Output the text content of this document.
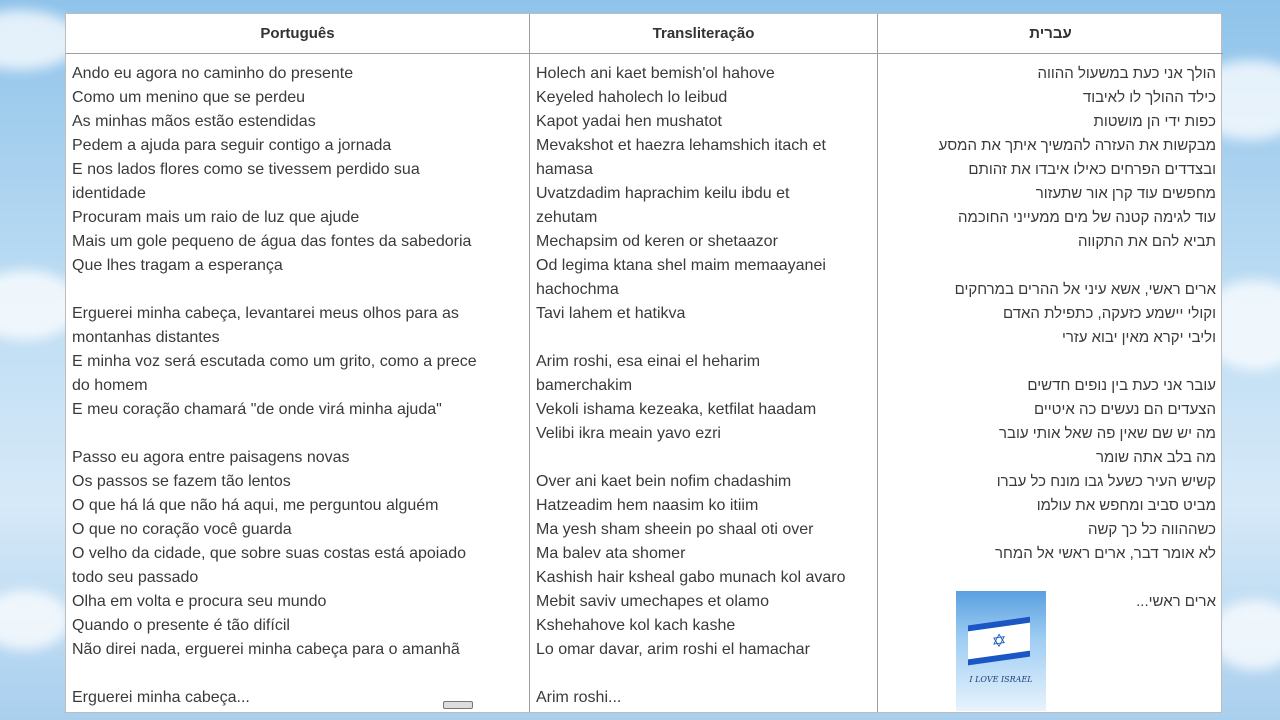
Português	Transliteração	עברית

Ando eu agora no caminho do presente

Como um menino que se perdeu

As minhas mãos estão estendidas

Pedem a ajuda para seguir contigo a jornada

E nos lados flores como se tivessem perdido sua

identidade

Procuram mais um raio de luz que ajude

Mais um gole pequeno de água das fontes da sabedoria

Que lhes tragam a esperança

Erguerei minha cabeça, levantarei meus olhos para as

montanhas distantes

E minha voz será escutada como um grito, como a prece

do homem

E meu coração chamará "de onde virá minha ajuda"

Passo eu agora entre paisagens novas

Os passos se fazem tão lentos

O que há lá que não há aqui, me perguntou alguém

O que no coração você guarda

O velho da cidade, que sobre suas costas está apoiado

todo seu passado

Olha em volta e procura seu mundo

Quando o presente é tão difícil

Não direi nada, erguerei minha cabeça para o amanhã

Erguerei minha cabeça...

Holech ani kaet bemish'ol hahove

Keyeled haholech lo leibud

Kapot yadai hen mushatot

Mevakshot et haezra lehamshich itach et

hamasa

Uvatzdadim haprachim keilu ibdu et

zehutam

Mechapsim od keren or shetaazor

Od legima ktana shel maim memaayanei

hachochma

Tavi lahem et hatikva

Arim roshi, esa einai el heharim

bamerchakim

Vekoli ishama kezeaka, ketfilat haadam

Velibi ikra meain yavo ezri

Over ani kaet bein nofim chadashim

Hatzeadim hem naasim ko itiim

Ma yesh sham sheein po shaal oti over

Ma balev ata shomer

Kashish hair ksheal gabo munach kol avaro

Mebit saviv umechapes et olamo

Kshehahove kol kach kashe

Lo omar davar, arim roshi el hamachar

Arim roshi...

הולך אני כעת במשעול ההווה

כילד ההולך לו לאיבוד

כפות ידי הן מושטות

מבקשות את העזרה להמשיך איתך את המסע

ובצדדים הפרחים כאילו איבדו את זהותם

מחפשים עוד קרן אור שתעזור

עוד לגימה קטנה של מים ממעייני החוכמה

תביא להם את התקווה

ארים ראשי, אשא עיני אל ההרים במרחקים

וקולי יישמע כזעקה, כתפילת האדם

וליבי יקרא מאין יבוא עזרי

עובר אני כעת בין נופים חדשים

הצעדים הם נעשים כה איטיים

מה יש שם שאין פה שאל אותי עובר

מה בלב אתה שומר

קשיש העיר כשעל גבו מונח כל עברו

מביט סביב ומחפש את עולמו

כשההווה כל כך קשה

לא אומר דבר, ארים ראשי אל המחר

ארים ראשי...

✡
I LOVE ISRAEL
